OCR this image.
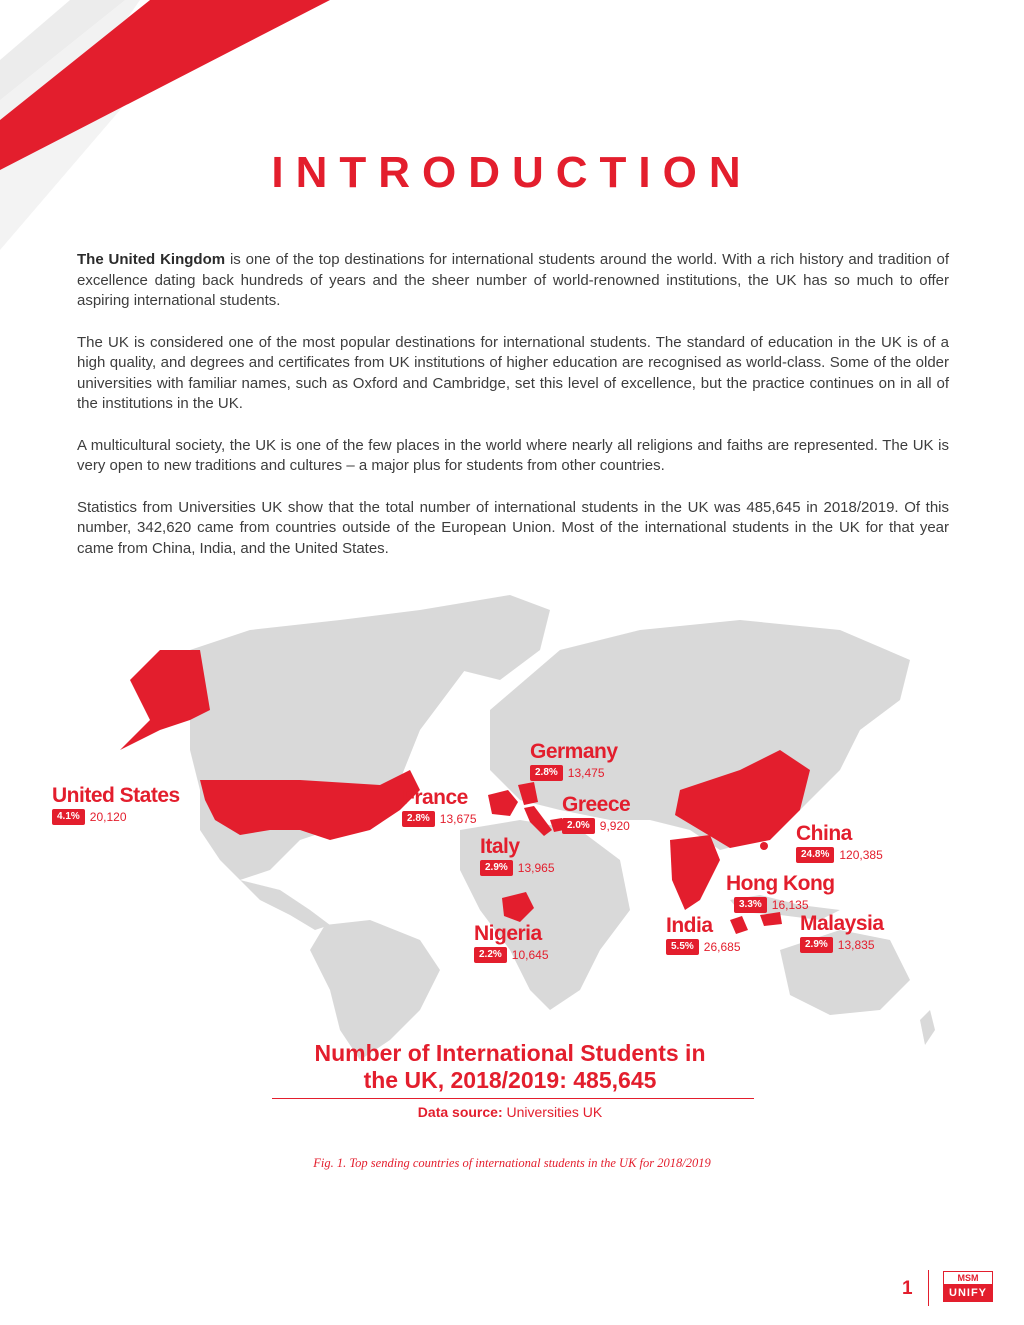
INTRODUCTION

The United Kingdom is one of the top destinations for international students around the world. With a rich history and tradition of excellence dating back hundreds of years and the sheer number of world-renowned institutions, the UK has so much to offer aspiring international students.

The UK is considered one of the most popular destinations for international students. The standard of education in the UK is of a high quality, and degrees and certificates from UK institutions of higher education are recognised as world-class. Some of the older universities with familiar names, such as Oxford and Cambridge, set this level of excellence, but the practice continues on in all of the institutions in the UK.

A multicultural society, the UK is one of the few places in the world where nearly all religions and faiths are represented. The UK is very open to new traditions and cultures – a major plus for students from other countries.

Statistics from Universities UK show that the total number of international students in the UK was 485,645 in 2018/2019. Of this number, 342,620 came from countries outside of the European Union. Most of the international students in the UK for that year came from China, India, and the United States.

United States
4.1% 20,120
France
2.8% 13,675
Germany
2.8% 13,475
Greece
2.0% 9,920
Italy
2.9% 13,965
Nigeria
2.2% 10,645
China
24.8% 120,385
Hong Kong
3.3% 16,135
India
5.5% 26,685
Malaysia
2.9% 13,835
Number of International Students in
the UK, 2018/2019: 485,645
Data source: Universities UK
Fig. 1. Top sending countries of international students in the UK for 2018/2019
1	MSM
UNIFY
